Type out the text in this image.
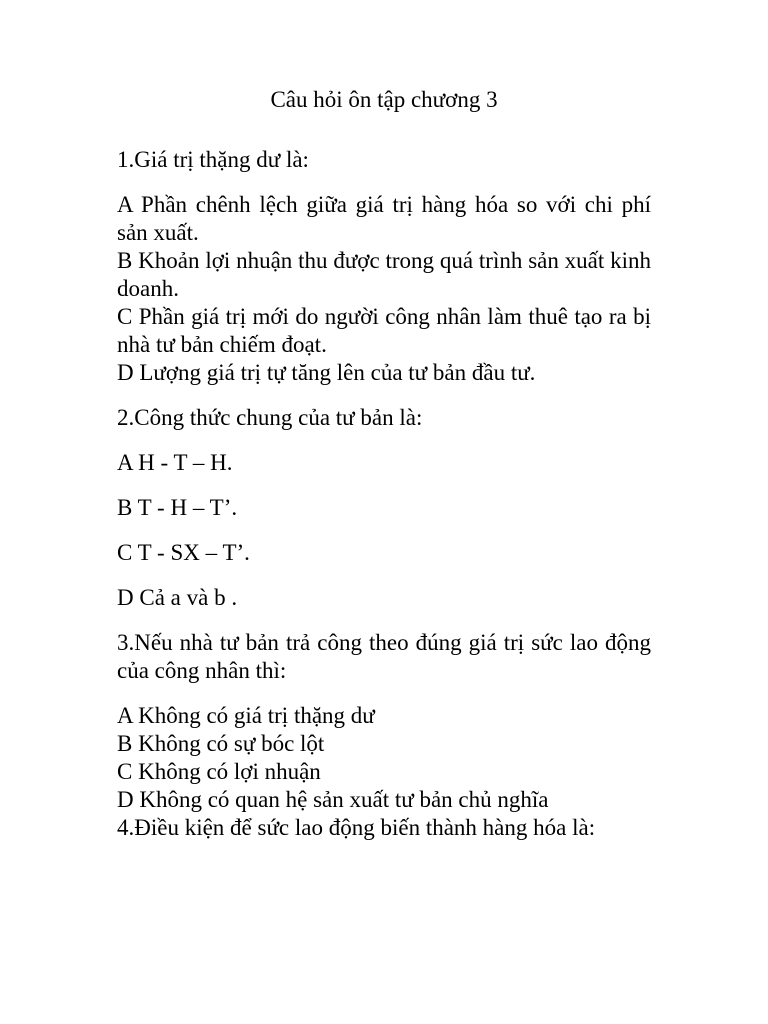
Câu hỏi ôn tập chương 3
1.Giá trị thặng dư là:
A Phần chênh lệch giữa giá trị hàng hóa so với chi phí sản xuất.
B Khoản lợi nhuận thu được trong quá trình sản xuất kinh doanh.
C Phần giá trị mới do người công nhân làm thuê tạo ra bị nhà tư bản chiếm đoạt.
D Lượng giá trị tự tăng lên của tư bản đầu tư.
2.Công thức chung của tư bản là:
A H - T – H.
B T - H – T’.
C T - SX – T’.
D Cả a và b .
3.Nếu nhà tư bản trả công theo đúng giá trị sức lao động của công nhân thì:
A Không có giá trị thặng dư
B Không có sự bóc lột
C Không có lợi nhuận
D Không có quan hệ sản xuất tư bản chủ nghĩa
4.Điều kiện để sức lao động biến thành hàng hóa là:
